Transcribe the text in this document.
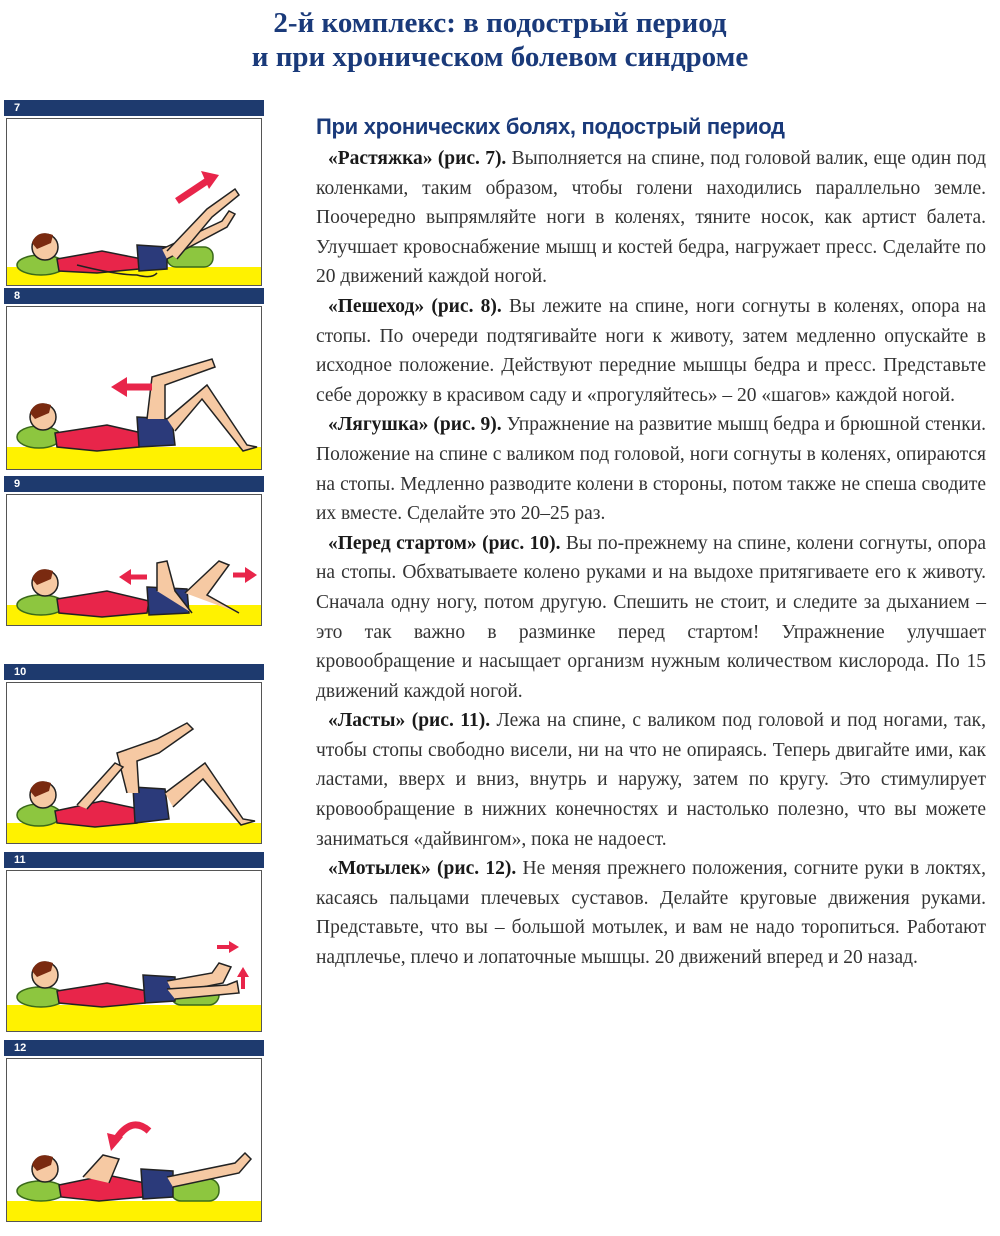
2-й комплекс: в подострый период
и при хроническом болевом синдроме
7
8
9
10
11
12
При хронических болях, подострый период

«Растяжка» (рис. 7). Выполняется на спине, под головой валик, еще один под коленками, таким образом, чтобы голени находились параллельно земле. Поочередно выпрямляйте ноги в коленях, тяните носок, как артист балета. Улучшает кровоснабжение мышц и костей бедра, нагружает пресс. Сделайте по 20 движений каждой ногой.

«Пешеход» (рис. 8). Вы лежите на спине, ноги согнуты в коленях, опора на стопы. По очереди подтягивайте ноги к животу, затем медленно опускайте в исходное положение. Действуют передние мышцы бедра и пресс. Представьте себе дорожку в красивом саду и «прогуляйтесь» – 20 «шагов» каждой ногой.

«Лягушка» (рис. 9). Упражнение на развитие мышц бедра и брюшной стенки. Положение на спине с валиком под головой, ноги согнуты в коленях, опираются на стопы. Медленно разводите колени в стороны, потом также не спеша сводите их вместе. Сделайте это 20–25 раз.

«Перед стартом» (рис. 10). Вы по-прежнему на спине, колени согнуты, опора на стопы. Обхватываете колено руками и на выдохе притягиваете его к животу. Сначала одну ногу, потом другую. Спешить не стоит, и следите за дыханием – это так важно в разминке перед стартом! Упражнение улучшает кровообращение и насыщает организм нужным количеством кислорода. По 15 движений каждой ногой.

«Ласты» (рис. 11). Лежа на спине, с валиком под головой и под ногами, так, чтобы стопы свободно висели, ни на что не опираясь. Теперь двигайте ими, как ластами, вверх и вниз, внутрь и наружу, затем по кругу. Это стимулирует кровообращение в нижних конечностях и настолько полезно, что вы можете заниматься «дайвингом», пока не надоест.

«Мотылек» (рис. 12). Не меняя прежнего положения, согните руки в локтях, касаясь пальцами плечевых суставов. Делайте круговые движения руками. Представьте, что вы – большой мотылек, и вам не надо торопиться. Работают надплечье, плечо и лопаточные мышцы. 20 движений вперед и 20 назад.
